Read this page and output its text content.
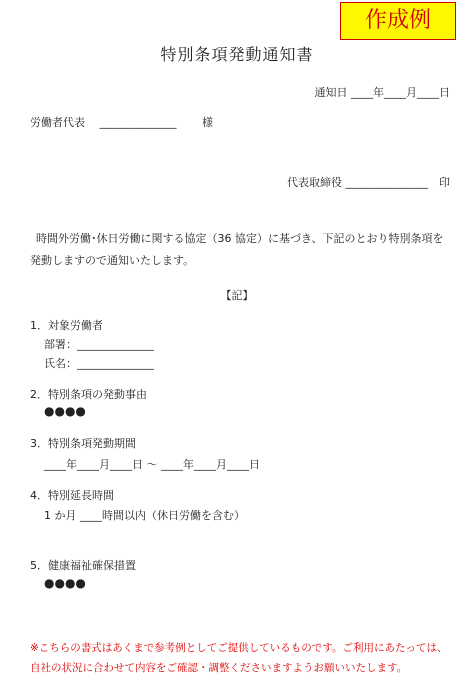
作成例
特別条項発動通知書
通知日 ____年____月____日
労働者代表　 ______________　　 様
代表取締役 _______________　印
時間外労働･休日労働に関する協定（36 協定）に基づき、下記のとおり特別条項を
発動しますので通知いたします。
【記】
1．対象労働者
部署：______________
氏名：______________
2．特別条項の発動事由
●●●●
3．特別条項発動期間
____年____月____日 ～ ____年____月____日
4．特別延長時間
1 か月 ____時間以内（休日労働を含む）
5．健康福祉確保措置
●●●●
※こちらの書式はあくまで参考例としてご提供しているものです。ご利用にあたっては、
自社の状況に合わせて内容をご確認・調整くださいますようお願いいたします。
